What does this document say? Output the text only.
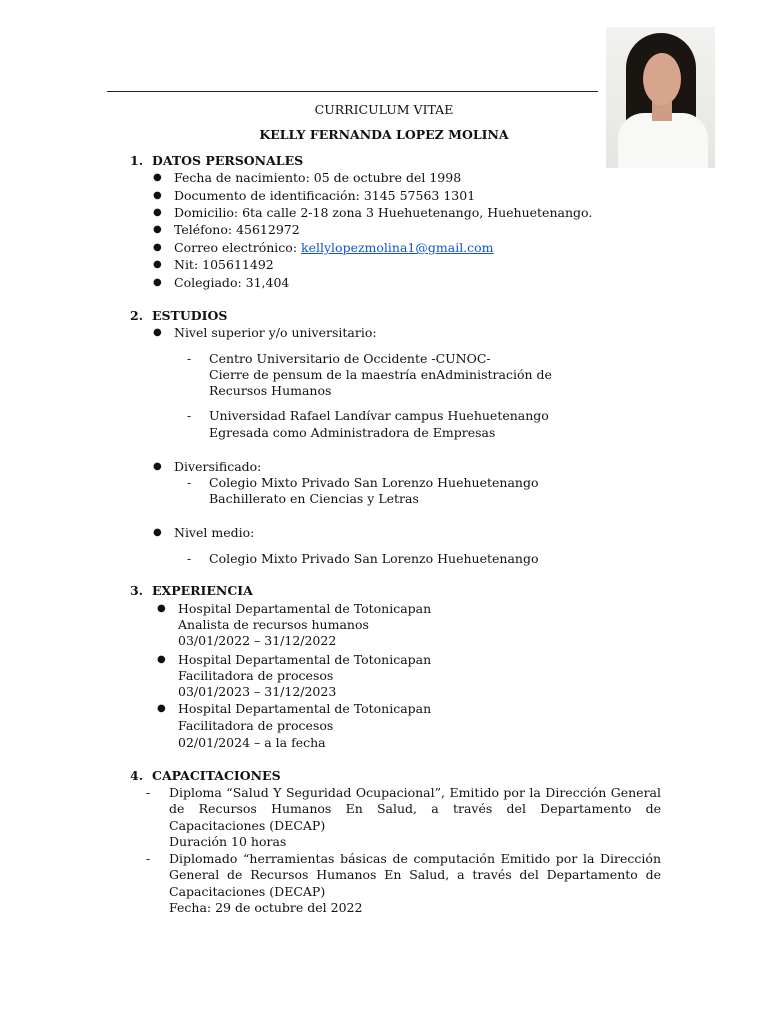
CURRICULUM VITAE
KELLY FERNANDA LOPEZ MOLINA
1. DATOS PERSONALES
● Fecha de nacimiento: 05 de octubre del 1998
● Documento de identificación: 3145 57563 1301
● Domicilio: 6ta calle 2-18 zona 3 Huehuetenango, Huehuetenango.
● Teléfono: 45612972
● Correo electrónico: kellylopezmolina1@gmail.com
● Nit: 105611492
● Colegiado: 31,404
2. ESTUDIOS
● Nivel superior y/o universitario:
- Centro Universitario de Occidente -CUNOC-
Cierre de pensum de la maestría enAdministración de
Recursos Humanos
- Universidad Rafael Landívar campus Huehuetenango
Egresada como Administradora de Empresas
● Diversificado:
- Colegio Mixto Privado San Lorenzo Huehuetenango
Bachillerato en Ciencias y Letras
● Nivel medio:
- Colegio Mixto Privado San Lorenzo Huehuetenango
3. EXPERIENCIA
● Hospital Departamental de Totonicapan
Analista de recursos humanos
03/01/2022 – 31/12/2022
● Hospital Departamental de Totonicapan
Facilitadora de procesos
03/01/2023 – 31/12/2023
● Hospital Departamental de Totonicapan
Facilitadora de procesos
02/01/2024 – a la fecha
4. CAPACITACIONES
- Diploma “Salud Y Seguridad Ocupacional”, Emitido por la Dirección General de Recursos Humanos En Salud, a través del Departamento de Capacitaciones (DECAP)
Duración 10 horas
- Diplomado “herramientas básicas de computación Emitido por la Dirección General de Recursos Humanos En Salud, a través del Departamento de Capacitaciones (DECAP)
Fecha: 29 de octubre del 2022
